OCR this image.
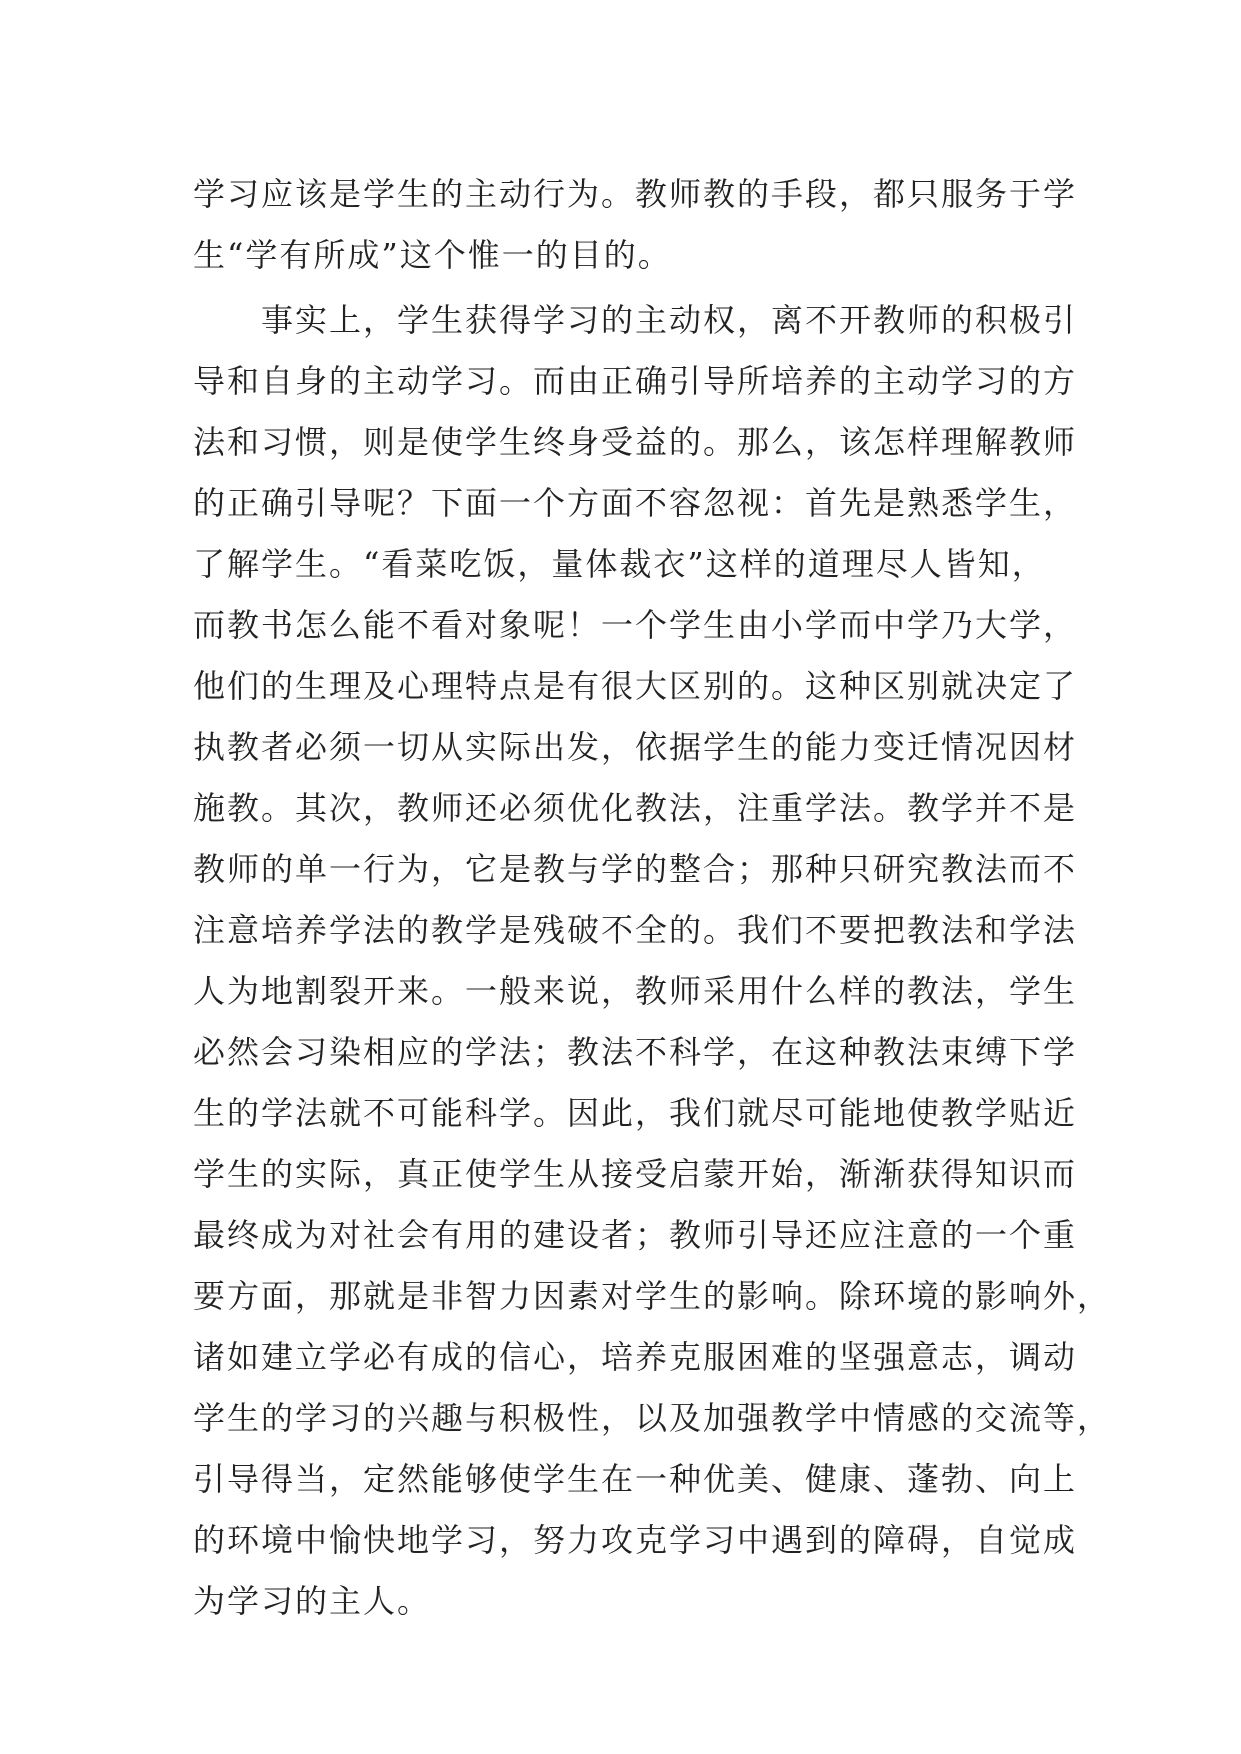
学习应该是学生的主动行为。教师教的手段，都只服务于学

生“学有所成”这个惟一的目的。

事实上，学生获得学习的主动权，离不开教师的积极引

导和自身的主动学习。而由正确引导所培养的主动学习的方

法和习惯，则是使学生终身受益的。那么，该怎样理解教师

的正确引导呢？下面一个方面不容忽视：首先是熟悉学生，

了解学生。“看菜吃饭，量体裁衣”这样的道理尽人皆知，

而教书怎么能不看对象呢！一个学生由小学而中学乃大学，

他们的生理及心理特点是有很大区别的。这种区别就决定了

执教者必须一切从实际出发，依据学生的能力变迁情况因材

施教。其次，教师还必须优化教法，注重学法。教学并不是

教师的单一行为，它是教与学的整合；那种只研究教法而不

注意培养学法的教学是残破不全的。我们不要把教法和学法

人为地割裂开来。一般来说，教师采用什么样的教法，学生

必然会习染相应的学法；教法不科学，在这种教法束缚下学

生的学法就不可能科学。因此，我们就尽可能地使教学贴近

学生的实际，真正使学生从接受启蒙开始，渐渐获得知识而

最终成为对社会有用的建设者；教师引导还应注意的一个重

要方面，那就是非智力因素对学生的影响。除环境的影响外，

诸如建立学必有成的信心，培养克服困难的坚强意志，调动

学生的学习的兴趣与积极性，以及加强教学中情感的交流等，

引导得当，定然能够使学生在一种优美、健康、蓬勃、向上

的环境中愉快地学习，努力攻克学习中遇到的障碍，自觉成

为学习的主人。
